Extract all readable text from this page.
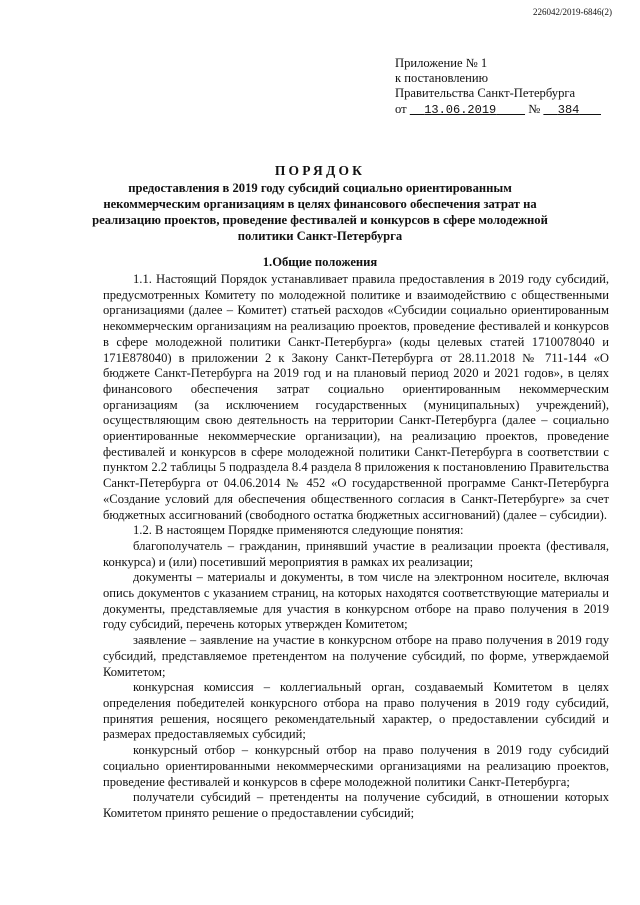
226042/2019-6846(2)
Приложение № 1
к постановлению
Правительства Санкт-Петербурга
от 13.06.2019	№ 384
ПОРЯДОК
предоставления в 2019 году субсидий социально ориентированным некоммерческим организациям в целях финансового обеспечения затрат на реализацию проектов, проведение фестивалей и конкурсов в сфере молодежной политики Санкт-Петербурга
1.Общие положения

1.1. Настоящий Порядок устанавливает правила предоставления в 2019 году субсидий, предусмотренных Комитету по молодежной политике и взаимодействию с общественными организациями (далее – Комитет) статьей расходов «Субсидии социально ориентированным некоммерческим организациям на реализацию проектов, проведение фестивалей и конкурсов в сфере молодежной политики Санкт-Петербурга» (коды целевых статей 1710078040 и 171E878040) в приложении 2 к Закону Санкт-Петербурга от 28.11.2018 № 711-144 «О бюджете Санкт-Петербурга на 2019 год и на плановый период 2020 и 2021 годов», в целях финансового обеспечения затрат социально ориентированным некоммерческим организациям (за исключением государственных (муниципальных) учреждений), осуществляющим свою деятельность на территории Санкт-Петербурга (далее – социально ориентированные некоммерческие организации), на реализацию проектов, проведение фестивалей и конкурсов в сфере молодежной политики Санкт-Петербурга в соответствии с пунктом 2.2 таблицы 5 подраздела 8.4 раздела 8 приложения к постановлению Правительства Санкт-Петербурга от 04.06.2014 № 452 «О государственной программе Санкт-Петербурга «Создание условий для обеспечения общественного согласия в Санкт-Петербурге» за счет бюджетных ассигнований (свободного остатка бюджетных ассигнований) (далее – субсидии).

1.2. В настоящем Порядке применяются следующие понятия:

благополучатель – гражданин, принявший участие в реализации проекта (фестиваля, конкурса) и (или) посетивший мероприятия в рамках их реализации;

документы – материалы и документы, в том числе на электронном носителе, включая опись документов с указанием страниц, на которых находятся соответствующие материалы и документы, представляемые для участия в конкурсном отборе на право получения в 2019 году субсидий, перечень которых утвержден Комитетом;

заявление – заявление на участие в конкурсном отборе на право получения в 2019 году субсидий, представляемое претендентом на получение субсидий, по форме, утверждаемой Комитетом;

конкурсная комиссия – коллегиальный орган, создаваемый Комитетом в целях определения победителей конкурсного отбора на право получения в 2019 году субсидий, принятия решения, носящего рекомендательный характер, о предоставлении субсидий и размерах предоставляемых субсидий;

конкурсный отбор – конкурсный отбор на право получения в 2019 году субсидий социально ориентированными некоммерческими организациями на реализацию проектов, проведение фестивалей и конкурсов в сфере молодежной политики Санкт-Петербурга;

получатели субсидий – претенденты на получение субсидий, в отношении которых Комитетом принято решение о предоставлении субсидий;
